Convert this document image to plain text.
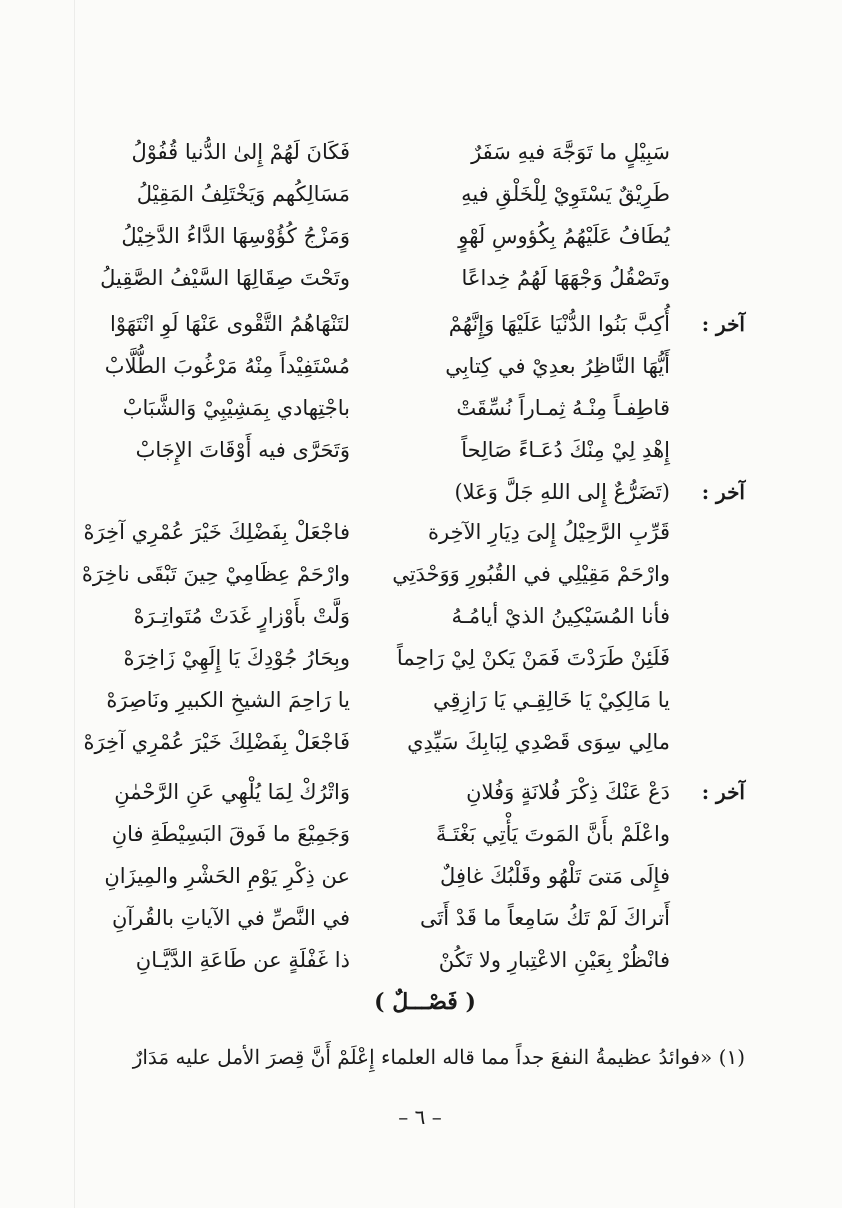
سَبِيْلٍ ما تَوَجَّهَ فيهِ سَفَرٌ
فَكَانَ لَهُمْ إِلىٰ الدُّنيا قُفُوْلُ
طَرِيْقٌ يَسْتَوِيْ لِلْخَلْقِ فيهِ
مَسَالِكُهم وَيَخْتَلِفُ المَقِيْلُ
يُطَافُ عَلَيْهُمُ بِكُؤوسِ لَهْوٍ
وَمَزْجُ كُؤُوْسِهَا الدَّاءُ الدَّخِيْلُ
وتَصْقُلُ وَجْهَهَا لَهُمُ خِداعًا
وتَحْتَ صِقَالِهَا السَّيْفُ الصَّقِيلُ
آخر :
أُكِبَّ بَنُوا الدُّنْيَا عَلَيْهَا وَإِنَّهُمْ
لتَنْهَاهُمُ التَّقْوى عَنْهَا لَوِ انْتَهَوْا
أَيُّهَا النَّاظِرُ بعدِيْ في كِتابِي
مُسْتَفِيْداً مِنْهُ مَرْغُوبَ الطُّلَّابْ
قاطِفـاً مِنْـهُ ثِمـاراً نُسِّقَتْ
باجْتِهادي بِمَشِيْبِيْ وَالشَّبَابْ
إِهْدِ لِيْ مِنْكَ دُعَـاءً صَالِحاً
وَتَحَرَّى فيه أَوْقَاتَ الإِجَابْ
آخر :
(تَضَرُّعٌ إِلى اللهِ جَلَّ وَعَلا)
قَرِّبِ الرَّحِيْلُ إِلىَ دِيَارِ الآخِرة
فاجْعَلْ بِفَضْلِكَ خَيْرَ عُمْرِي آخِرَهْ
وارْحَمْ مَقِيْلِي في القُبُورِ وَوَحْدَتِي
وارْحَمْ عِظَامِيْ حِينَ تَبْقَى ناخِرَهْ
فأنا المُسَيْكِينُ الذيْ أيامُـهُ
وَلَّتْ بأَوْزارٍ غَدَتْ مُتَواتِـرَهْ
فَلَئِنْ طَرَدْتَ فَمَنْ يَكنْ لِيْ رَاحِماً
وبِحَارُ جُوْدِكَ يَا إِلَهِيْ زَاخِرَهْ
يا مَالِكِيْ يَا خَالِقِـي يَا رَازِقِي
يا رَاحِمَ الشيخِ الكبيرِ ونَاصِرَهْ
مالِي سِوَى قَصْدِي لِبَابِكَ سَيِّدِي
فَاجْعَلْ بِفَضْلِكَ خَيْرَ عُمْرِي آخِرَهْ
آخر :
دَعْ عَنْكَ ذِكْرَ فُلانَةٍ وَفُلانِ
وَاتْرُكْ لِمَا يُلْهِي عَنِ الرَّحْمٰنِ
واعْلَمْ بأَنَّ المَوتَ يَأْتِي بَغْتَـةً
وَجَمِيْعَ ما فَوقَ البَسِيْطَةِ فانِ
فإِلَى مَتىَ تَلْهُو وقَلْبُكَ غافِلٌ
عن ذِكْرِ يَوْمِ الحَشْرِ والمِيزَانِ
أَتراكَ لَمْ تَكُ سَامِعاً ما قَدْ أَتَى
في النَّصِّ في الآياتِ بالقُرآنِ
فانْظُرْ بِعَيْنِ الاعْتِبارِ ولا تَكُنْ
ذا غَفْلَةٍ عن طَاعَةِ الدَّيَّـانِ
( فَصْـــلٌ )
(١) «فوائدُ عظيمةُ النفعَ جداً مما قاله العلماء إِعْلَمْ أَنَّ قِصرَ الأمل عليه مَدَارٌ
– ٦ –
